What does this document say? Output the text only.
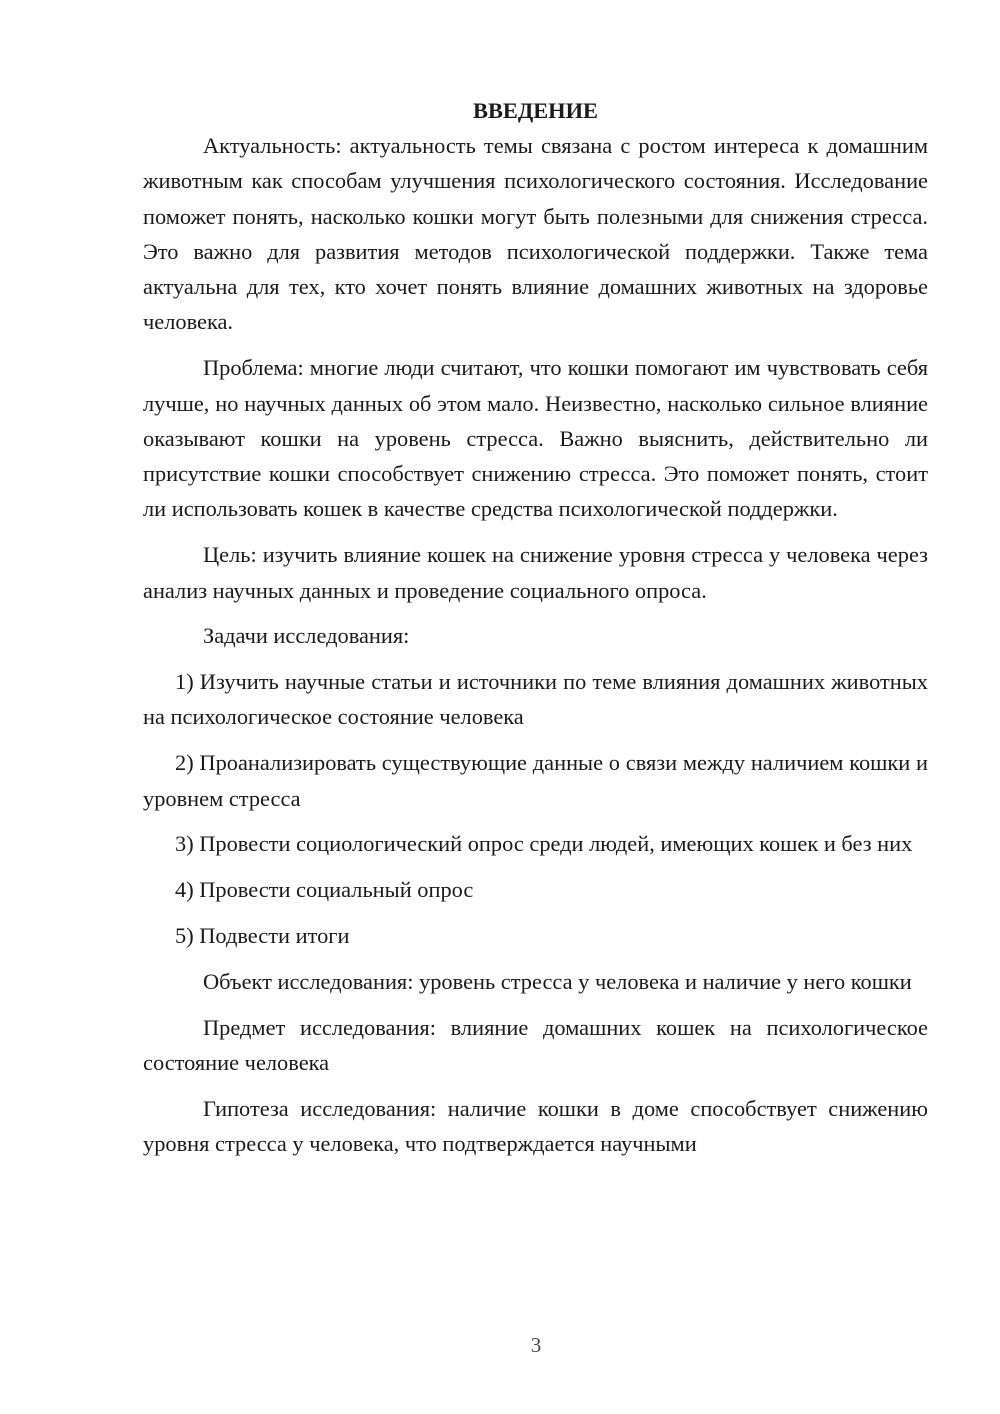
ВВЕДЕНИЕ

Актуальность: актуальность темы связана с ростом интереса к домашним животным как способам улучшения психологического состояния. Исследование поможет понять, насколько кошки могут быть полезными для снижения стресса. Это важно для развития методов психологической поддержки. Также тема актуальна для тех, кто хочет понять влияние домашних животных на здоровье человека.

Проблема: многие люди считают, что кошки помогают им чувствовать себя лучше, но научных данных об этом мало. Неизвестно, насколько сильное влияние оказывают кошки на уровень стресса. Важно выяснить, действительно ли присутствие кошки способствует снижению стресса. Это поможет понять, стоит ли использовать кошек в качестве средства психологической поддержки.

Цель: изучить влияние кошек на снижение уровня стресса у человека через анализ научных данных и проведение социального опроса.

Задачи исследования:

1) Изучить научные статьи и источники по теме влияния домашних животных на психологическое состояние человека

2) Проанализировать существующие данные о связи между наличием кошки и уровнем стресса

3) Провести социологический опрос среди людей, имеющих кошек и без них

4) Провести социальный опрос

5) Подвести итоги

Объект исследования: уровень стресса у человека и наличие у него кошки

Предмет исследования: влияние домашних кошек на психологическое состояние человека

Гипотеза исследования: наличие кошки в доме способствует снижению уровня стресса у человека, что подтверждается научными

3
